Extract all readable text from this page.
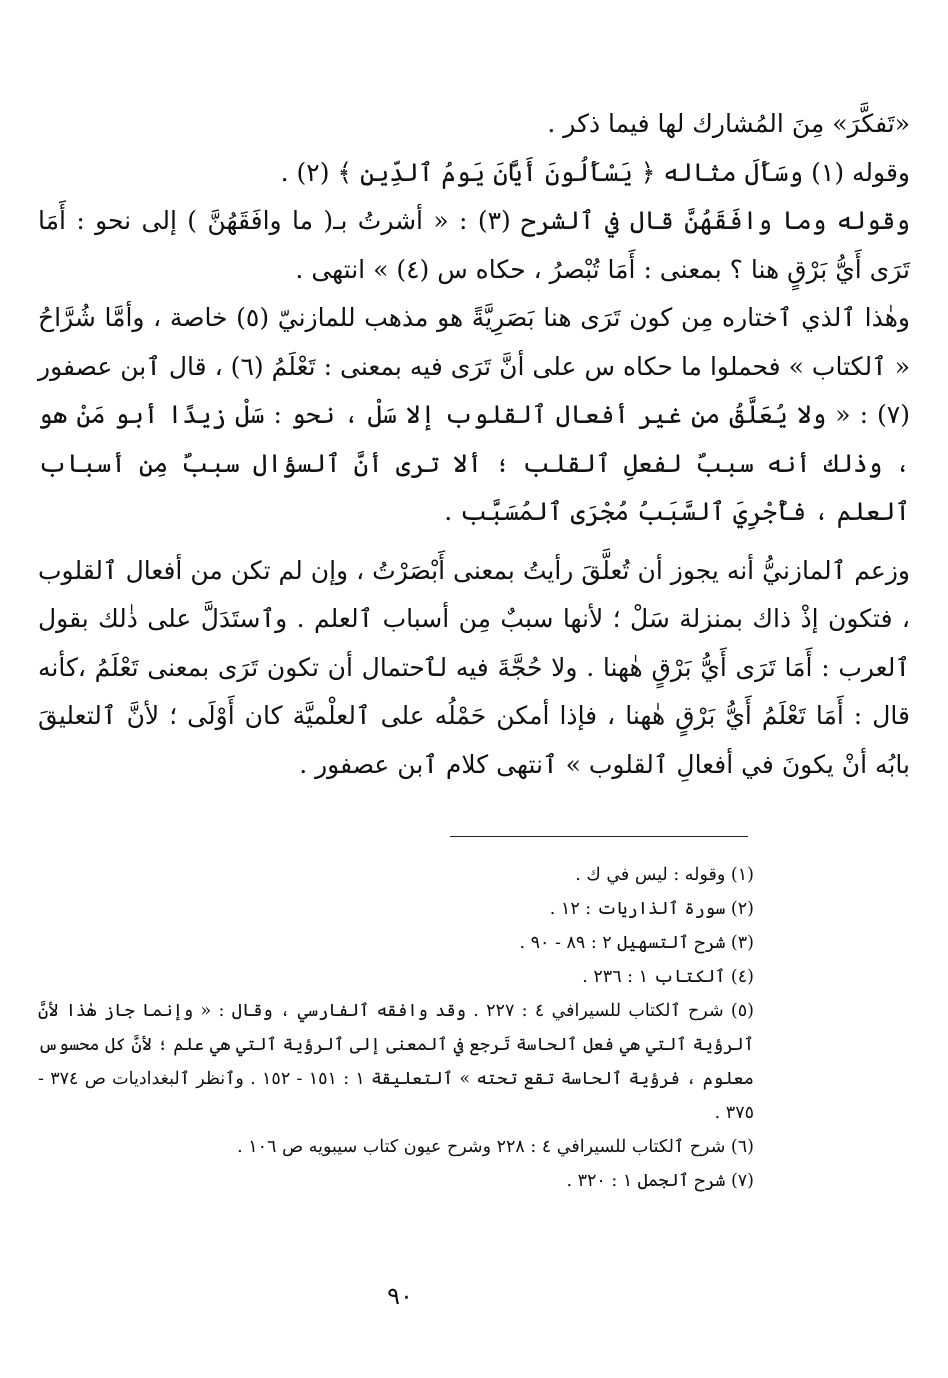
«تَفكَّرَ» مِنَ المُشارك لها فيما ذكر .

وقوله (١) وسَأَلَ مثاله ﴿ يَسْأَلُونَ أَيَّانَ يَومُ ٱلدِّين ﴾ (٢) .

وقوله وما وافَقَهُنَّ قال في ٱلشرح (٣) : « أشرتُ بـ( ما وافَقَهُنَّ ) إلى نحو : أَمَا تَرَى أَيُّ بَرْقٍ هنا ؟ بمعنى : أَمَا تُبْصرُ ، حكاه س (٤) » انتهى .

وهٰذا ٱلذي ٱختاره مِن كون تَرَى هنا بَصَرِيَّةً هو مذهب للمازنيّ (٥) خاصة ، وأمَّا شُرَّاحُ « ٱلكتاب » فحملوا ما حكاه س على أنَّ تَرَى فيه بمعنى : تَعْلَمُ (٦) ، قال ٱبن عصفور (٧) : « ولا يُعَلَّقُ من غير أفعال ٱلقلوب إلا سَلْ ، نحو : سَلْ زيدًا أبو مَنْ هو ، وذٰلك أنه سببٌ لفعلِ ٱلقلب ؛ ألا ترى أنَّ ٱلسؤال سببٌ مِن أسباب ٱلعلم ، فأُجْرِيَ ٱلسَّبَبُ مُجْرَى ٱلمُسَبَّب .

وزعم ٱلمازنيُّ أنه يجوز أن تُعلَّقَ رأيتُ بمعنى أَبْصَرْتُ ، وإن لم تكن من أفعال ٱلقلوب ، فتكون إذْ ذاك بمنزلة سَلْ ؛ لأنها سببٌ مِن أسباب ٱلعلم . وٱستَدَلَّ على ذٰلك بقول ٱلعرب : أَمَا تَرَى أَيُّ بَرْقٍ هٰهنا . ولا حُجَّةَ فيه لٱحتمال أن تكون تَرَى بمعنى تَعْلَمُ ،كأنه قال : أَمَا تَعْلَمُ أَيُّ بَرْقٍ هٰهنا ، فإذا أمكن حَمْلُه على ٱلعلْميَّة كان أَوْلَى ؛ لأنَّ ٱلتعليقَ بابُه أنْ يكونَ في أفعالِ ٱلقلوب » ٱنتهى كلام ٱبن عصفور .

(١) وقوله : ليس في ك .

(٢) سورة ٱلذاريات : ١٢ .

(٣) شرح ٱلتسهيل ٢ : ٨٩ - ٩٠ .

(٤) ٱلكتاب ١ : ٢٣٦ .

(٥) شرح ٱلكتاب للسيرافي ٤ : ٢٢٧ . وقد وافقه ٱلفارسي ، وقال : « وإنما جاز هٰذا لأنَّ ٱلرؤية ٱلتي هي فعل ٱلحاسة تَرجع في ٱلمعنى إلى ٱلرؤية ٱلتي هي علم ؛ لأنَّ كل محسوس معلوم ، فرؤية ٱلحاسة تقع تحته » ٱلتعليقة ١ : ١٥١ - ١٥٢ . وٱنظر ٱلبغداديات ص ٣٧٤ - ٣٧٥ .

(٦) شرح ٱلكتاب للسيرافي ٤ : ٢٢٨ وشرح عيون كتاب سيبويه ص ١٠٦ .

(٧) شرح ٱلجمل ١ : ٣٢٠ .

٩٠
